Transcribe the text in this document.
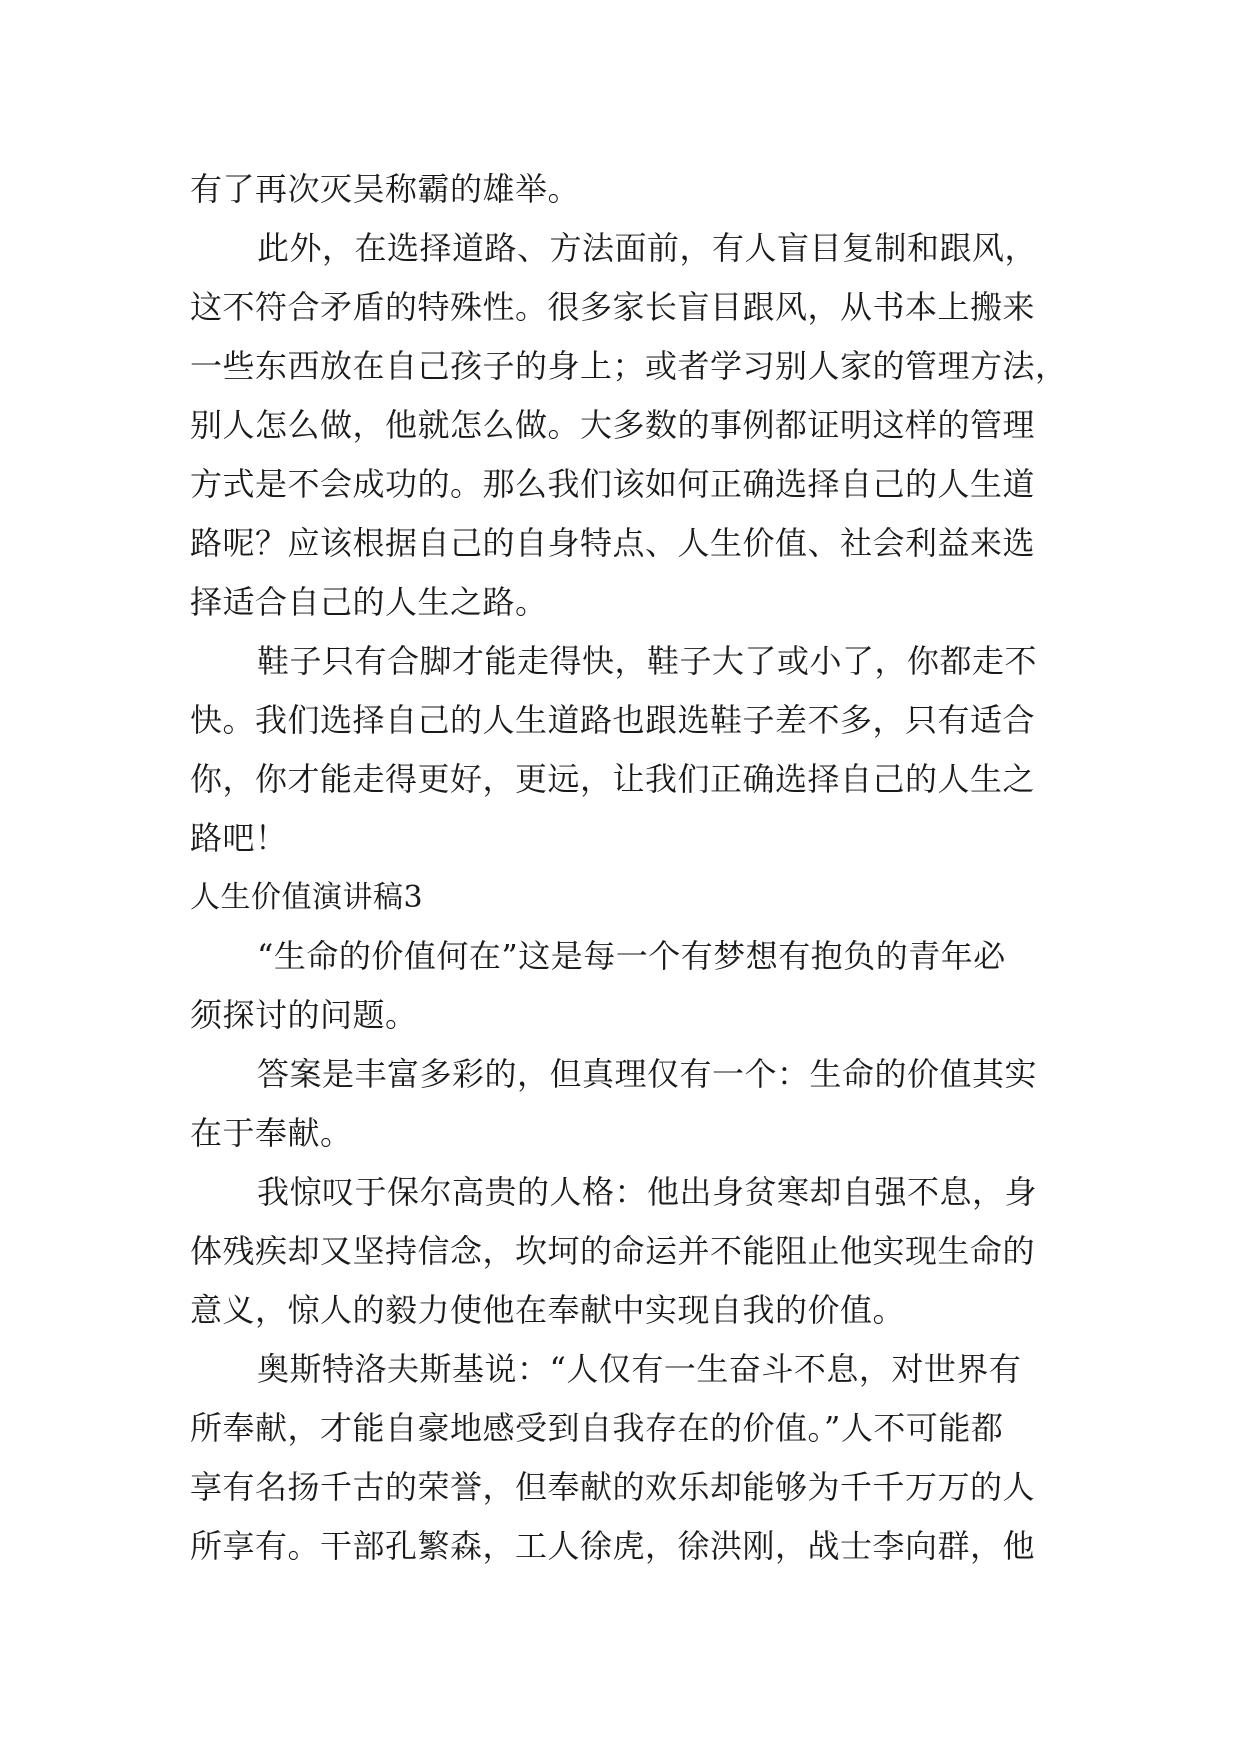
有了再次灭吴称霸的雄举。
此外，在选择道路、方法面前，有人盲目复制和跟风，
这不符合矛盾的特殊性。很多家长盲目跟风，从书本上搬来
一些东西放在自己孩子的身上；或者学习别人家的管理方法，
别人怎么做，他就怎么做。大多数的事例都证明这样的管理
方式是不会成功的。那么我们该如何正确选择自己的人生道
路呢？应该根据自己的自身特点、人生价值、社会利益来选
择适合自己的人生之路。
鞋子只有合脚才能走得快，鞋子大了或小了，你都走不
快。我们选择自己的人生道路也跟选鞋子差不多，只有适合
你，你才能走得更好，更远，让我们正确选择自己的人生之
路吧！
人生价值演讲稿3
“生命的价值何在”这是每一个有梦想有抱负的青年必
须探讨的问题。
答案是丰富多彩的，但真理仅有一个：生命的价值其实
在于奉献。
我惊叹于保尔高贵的人格：他出身贫寒却自强不息，身
体残疾却又坚持信念，坎坷的命运并不能阻止他实现生命的
意义，惊人的毅力使他在奉献中实现自我的价值。
奥斯特洛夫斯基说：“人仅有一生奋斗不息，对世界有
所奉献，才能自豪地感受到自我存在的价值。”人不可能都
享有名扬千古的荣誉，但奉献的欢乐却能够为千千万万的人
所享有。干部孔繁森，工人徐虎，徐洪刚，战士李向群，他
